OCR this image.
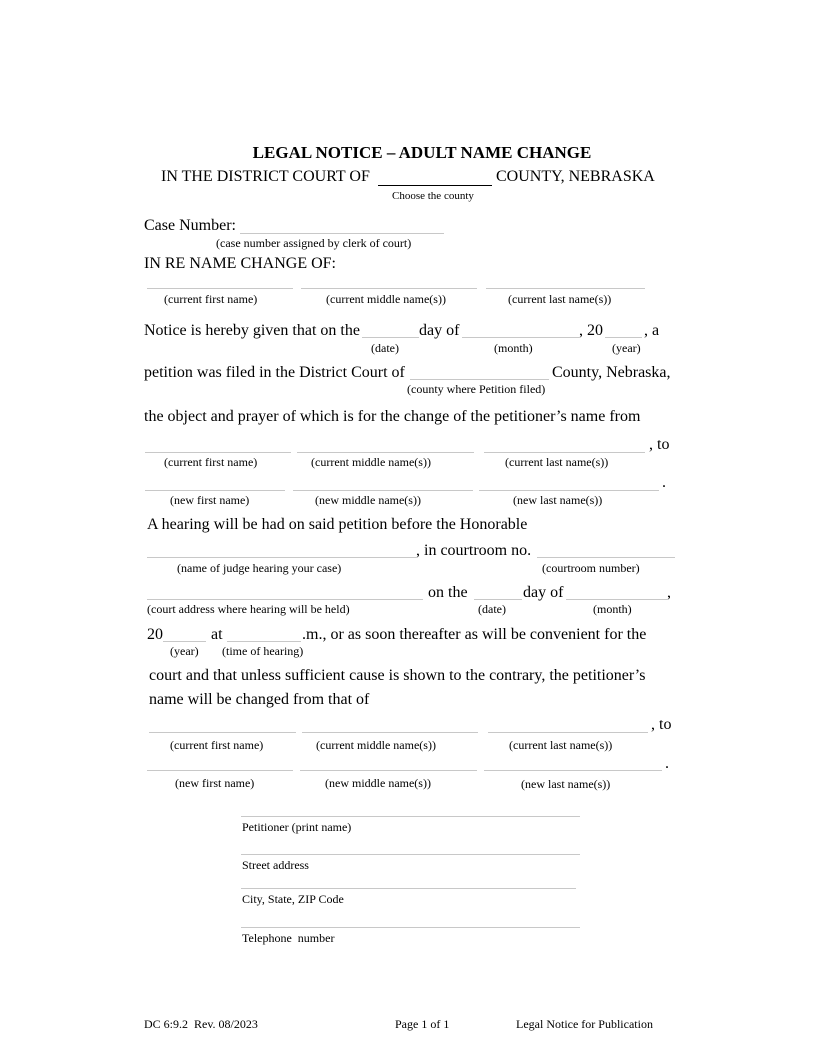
LEGAL NOTICE – ADULT NAME CHANGE
IN THE DISTRICT COURT OF	COUNTY, NEBRASKA
Choose the county
Case Number:
(case number assigned by clerk of court)
IN RE NAME CHANGE OF:
(current first name)	(current middle name(s))	(current last name(s))
Notice is hereby given that on the	day of	, 20	, a
(date)	(month)	(year)
petition was filed in the District Court of	County, Nebraska,
(county where Petition filed)
the object and prayer of which is for the change of the petitioner’s name from
, to
(current first name)	(current middle name(s))	(current last name(s))
.
(new first name)	(new middle name(s))	(new last name(s))
A hearing will be had on said petition before the Honorable
, in courtroom no.
(name of judge hearing your case)	(courtroom number)
on the	day of	,
(court address where hearing will be held)	(date)	(month)
20	at	.m., or as soon thereafter as will be convenient for the
(year) (time of hearing)
court and that unless sufficient cause is shown to the contrary, the petitioner’s
name will be changed from that of
, to
(current first name)	(current middle name(s))	(current last name(s))
.
(new first name)	(new middle name(s))	(new last name(s))
Petitioner (print name)
Street address
City, State, ZIP Code
Telephone  number
DC 6:9.2  Rev. 08/2023	Page 1 of 1	Legal Notice for Publication
